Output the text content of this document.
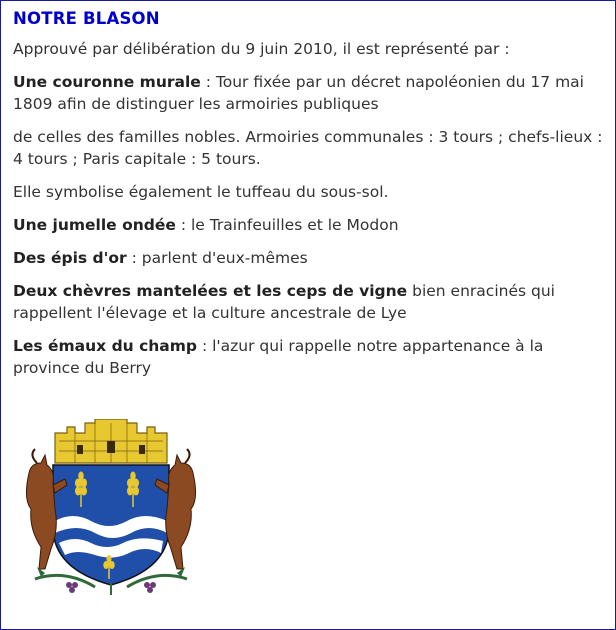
NOTRE BLASON

Approuvé par délibération du 9 juin 2010, il est représenté par :

Une couronne murale : Tour fixée par un décret napoléonien du 17 mai 1809 afin de distinguer les armoiries publiques

de celles des familles nobles. Armoiries communales : 3 tours ; chefs-lieux : 4 tours ; Paris capitale : 5 tours.

Elle symbolise également le tuffeau du sous-sol.

Une jumelle ondée : le Trainfeuilles et le Modon

Des épis d'or : parlent d'eux-mêmes

Deux chèvres mantelées et les ceps de vigne bien enracinés qui rappellent l'élevage et la culture ancestrale de Lye

Les émaux du champ : l'azur qui rappelle notre appartenance à la province du Berry
